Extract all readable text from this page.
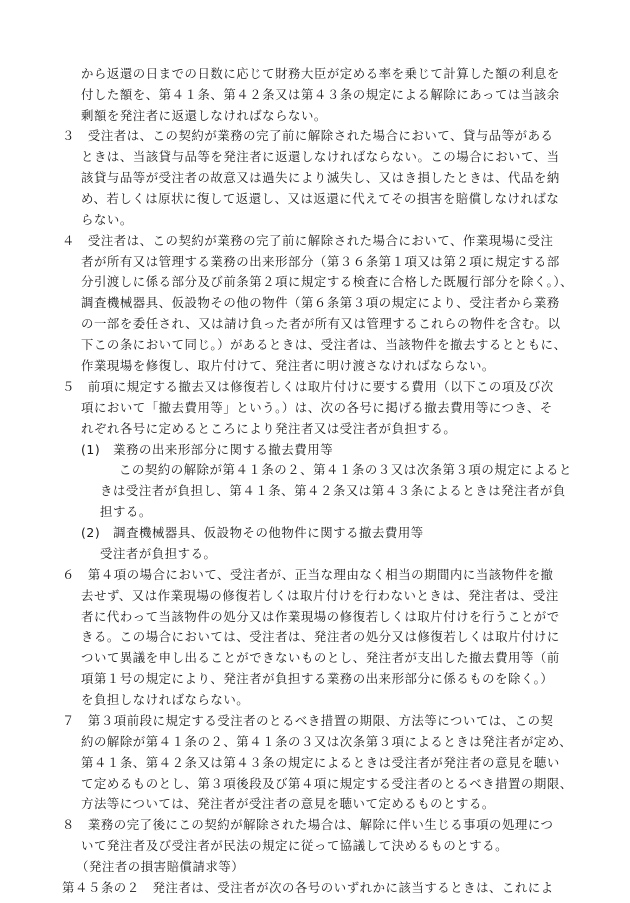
から返還の日までの日数に応じて財務大臣が定める率を乗じて計算した額の利息を
付した額を、第４１条、第４２条又は第４３条の規定による解除にあっては当該余
剰額を発注者に返還しなければならない。
３　受注者は、この契約が業務の完了前に解除された場合において、貸与品等がある
ときは、当該貸与品等を発注者に返還しなければならない。この場合において、当
該貸与品等が受注者の故意又は過失により滅失し、又はき損したときは、代品を納
め、若しくは原状に復して返還し、又は返還に代えてその損害を賠償しなければな
らない。
４　受注者は、この契約が業務の完了前に解除された場合において、作業現場に受注
者が所有又は管理する業務の出来形部分（第３６条第１項又は第２項に規定する部
分引渡しに係る部分及び前条第２項に規定する検査に合格した既履行部分を除く。）、
調査機械器具、仮設物その他の物件（第６条第３項の規定により、受注者から業務
の一部を委任され、又は請け負った者が所有又は管理するこれらの物件を含む。以
下この条において同じ。）があるときは、受注者は、当該物件を撤去するとともに、
作業現場を修復し、取片付けて、発注者に明け渡さなければならない。
５　前項に規定する撤去又は修復若しくは取片付けに要する費用（以下この項及び次
項において「撤去費用等」という。）は、次の各号に掲げる撤去費用等につき、そ
れぞれ各号に定めるところにより発注者又は受注者が負担する。
(1)　業務の出来形部分に関する撤去費用等
この契約の解除が第４１条の２、第４１条の３又は次条第３項の規定によると
きは受注者が負担し、第４１条、第４２条又は第４３条によるときは発注者が負
担する。
(2)　調査機械器具、仮設物その他物件に関する撤去費用等
受注者が負担する。
６　第４項の場合において、受注者が、正当な理由なく相当の期間内に当該物件を撤
去せず、又は作業現場の修復若しくは取片付けを行わないときは、発注者は、受注
者に代わって当該物件の処分又は作業現場の修復若しくは取片付けを行うことがで
きる。この場合においては、受注者は、発注者の処分又は修復若しくは取片付けに
ついて異議を申し出ることができないものとし、発注者が支出した撤去費用等（前
項第１号の規定により、発注者が負担する業務の出来形部分に係るものを除く。）
を負担しなければならない。
７　第３項前段に規定する受注者のとるべき措置の期限、方法等については、この契
約の解除が第４１条の２、第４１条の３又は次条第３項によるときは発注者が定め、
第４１条、第４２条又は第４３条の規定によるときは受注者が発注者の意見を聴い
て定めるものとし、第３項後段及び第４項に規定する受注者のとるべき措置の期限、
方法等については、発注者が受注者の意見を聴いて定めるものとする。
８　業務の完了後にこの契約が解除された場合は、解除に伴い生じる事項の処理につ
いて発注者及び受注者が民法の規定に従って協議して決めるものとする。
（発注者の損害賠償請求等）
第４５条の２　発注者は、受注者が次の各号のいずれかに該当するときは、これによ
